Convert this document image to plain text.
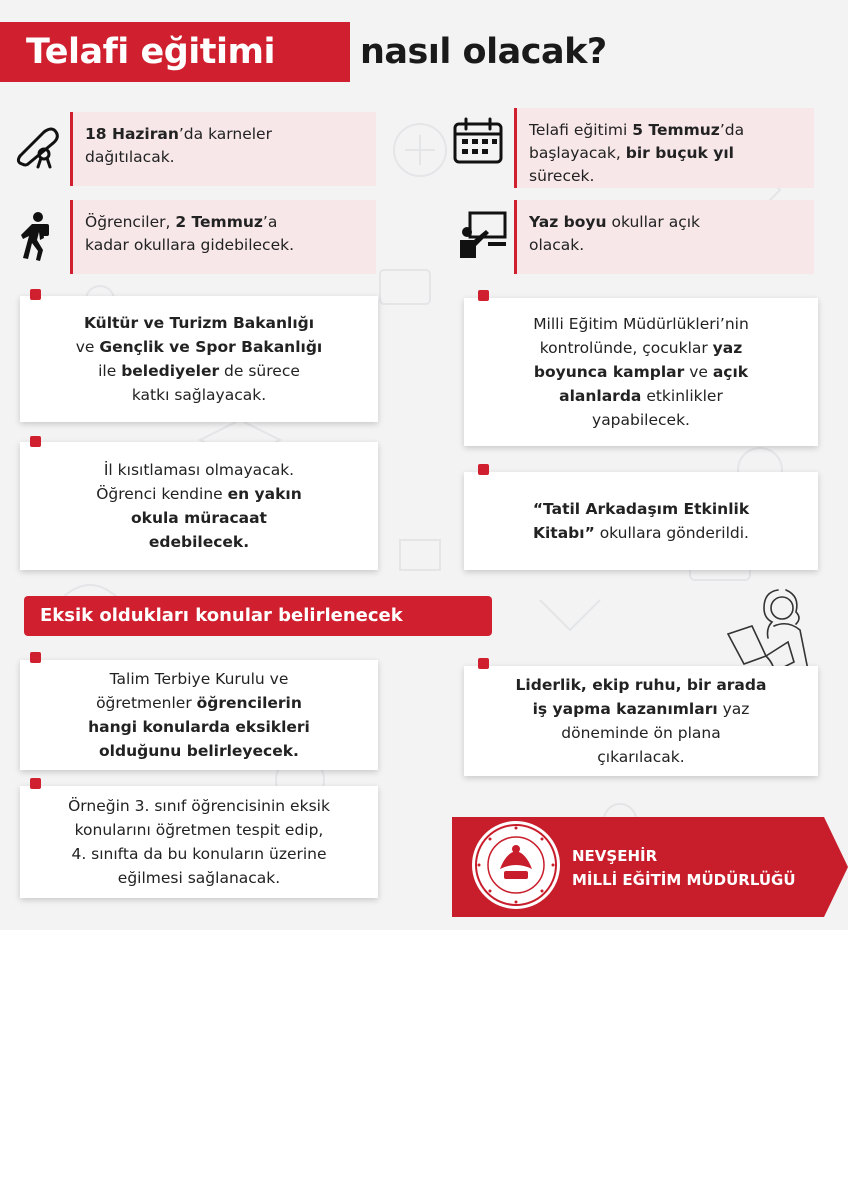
Telafi eğitimi	nasıl olacak?
18 Haziran’da karneler
dağıtılacak.
Telafi eğitimi 5 Temmuz’da
başlayacak, bir buçuk yıl
sürecek.
Öğrenciler, 2 Temmuz’a
kadar okullara gidebilecek.
Yaz boyu okullar açık
olacak.
Kültür ve Turizm Bakanlığı
ve Gençlik ve Spor Bakanlığı
ile belediyeler de sürece
katkı sağlayacak.
Milli Eğitim Müdürlükleri’nin
kontrolünde, çocuklar yaz
boyunca kamplar ve açık
alanlarda etkinlikler
yapabilecek.
İl kısıtlaması olmayacak.
Öğrenci kendine en yakın
okula müracaat
edebilecek.
“Tatil Arkadaşım Etkinlik
Kitabı” okullara gönderildi.
Eksik oldukları konular belirlenecek
Talim Terbiye Kurulu ve
öğretmenler öğrencilerin
hangi konularda eksikleri
olduğunu belirleyecek.
Liderlik, ekip ruhu, bir arada
iş yapma kazanımları yaz
döneminde ön plana
çıkarılacak.
Örneğin 3. sınıf öğrencisinin eksik
konularını öğretmen tespit edip,
4. sınıfta da bu konuların üzerine
eğilmesi sağlanacak.
NEVŞEHİR
MİLLİ EĞİTİM MÜDÜRLÜĞÜ
